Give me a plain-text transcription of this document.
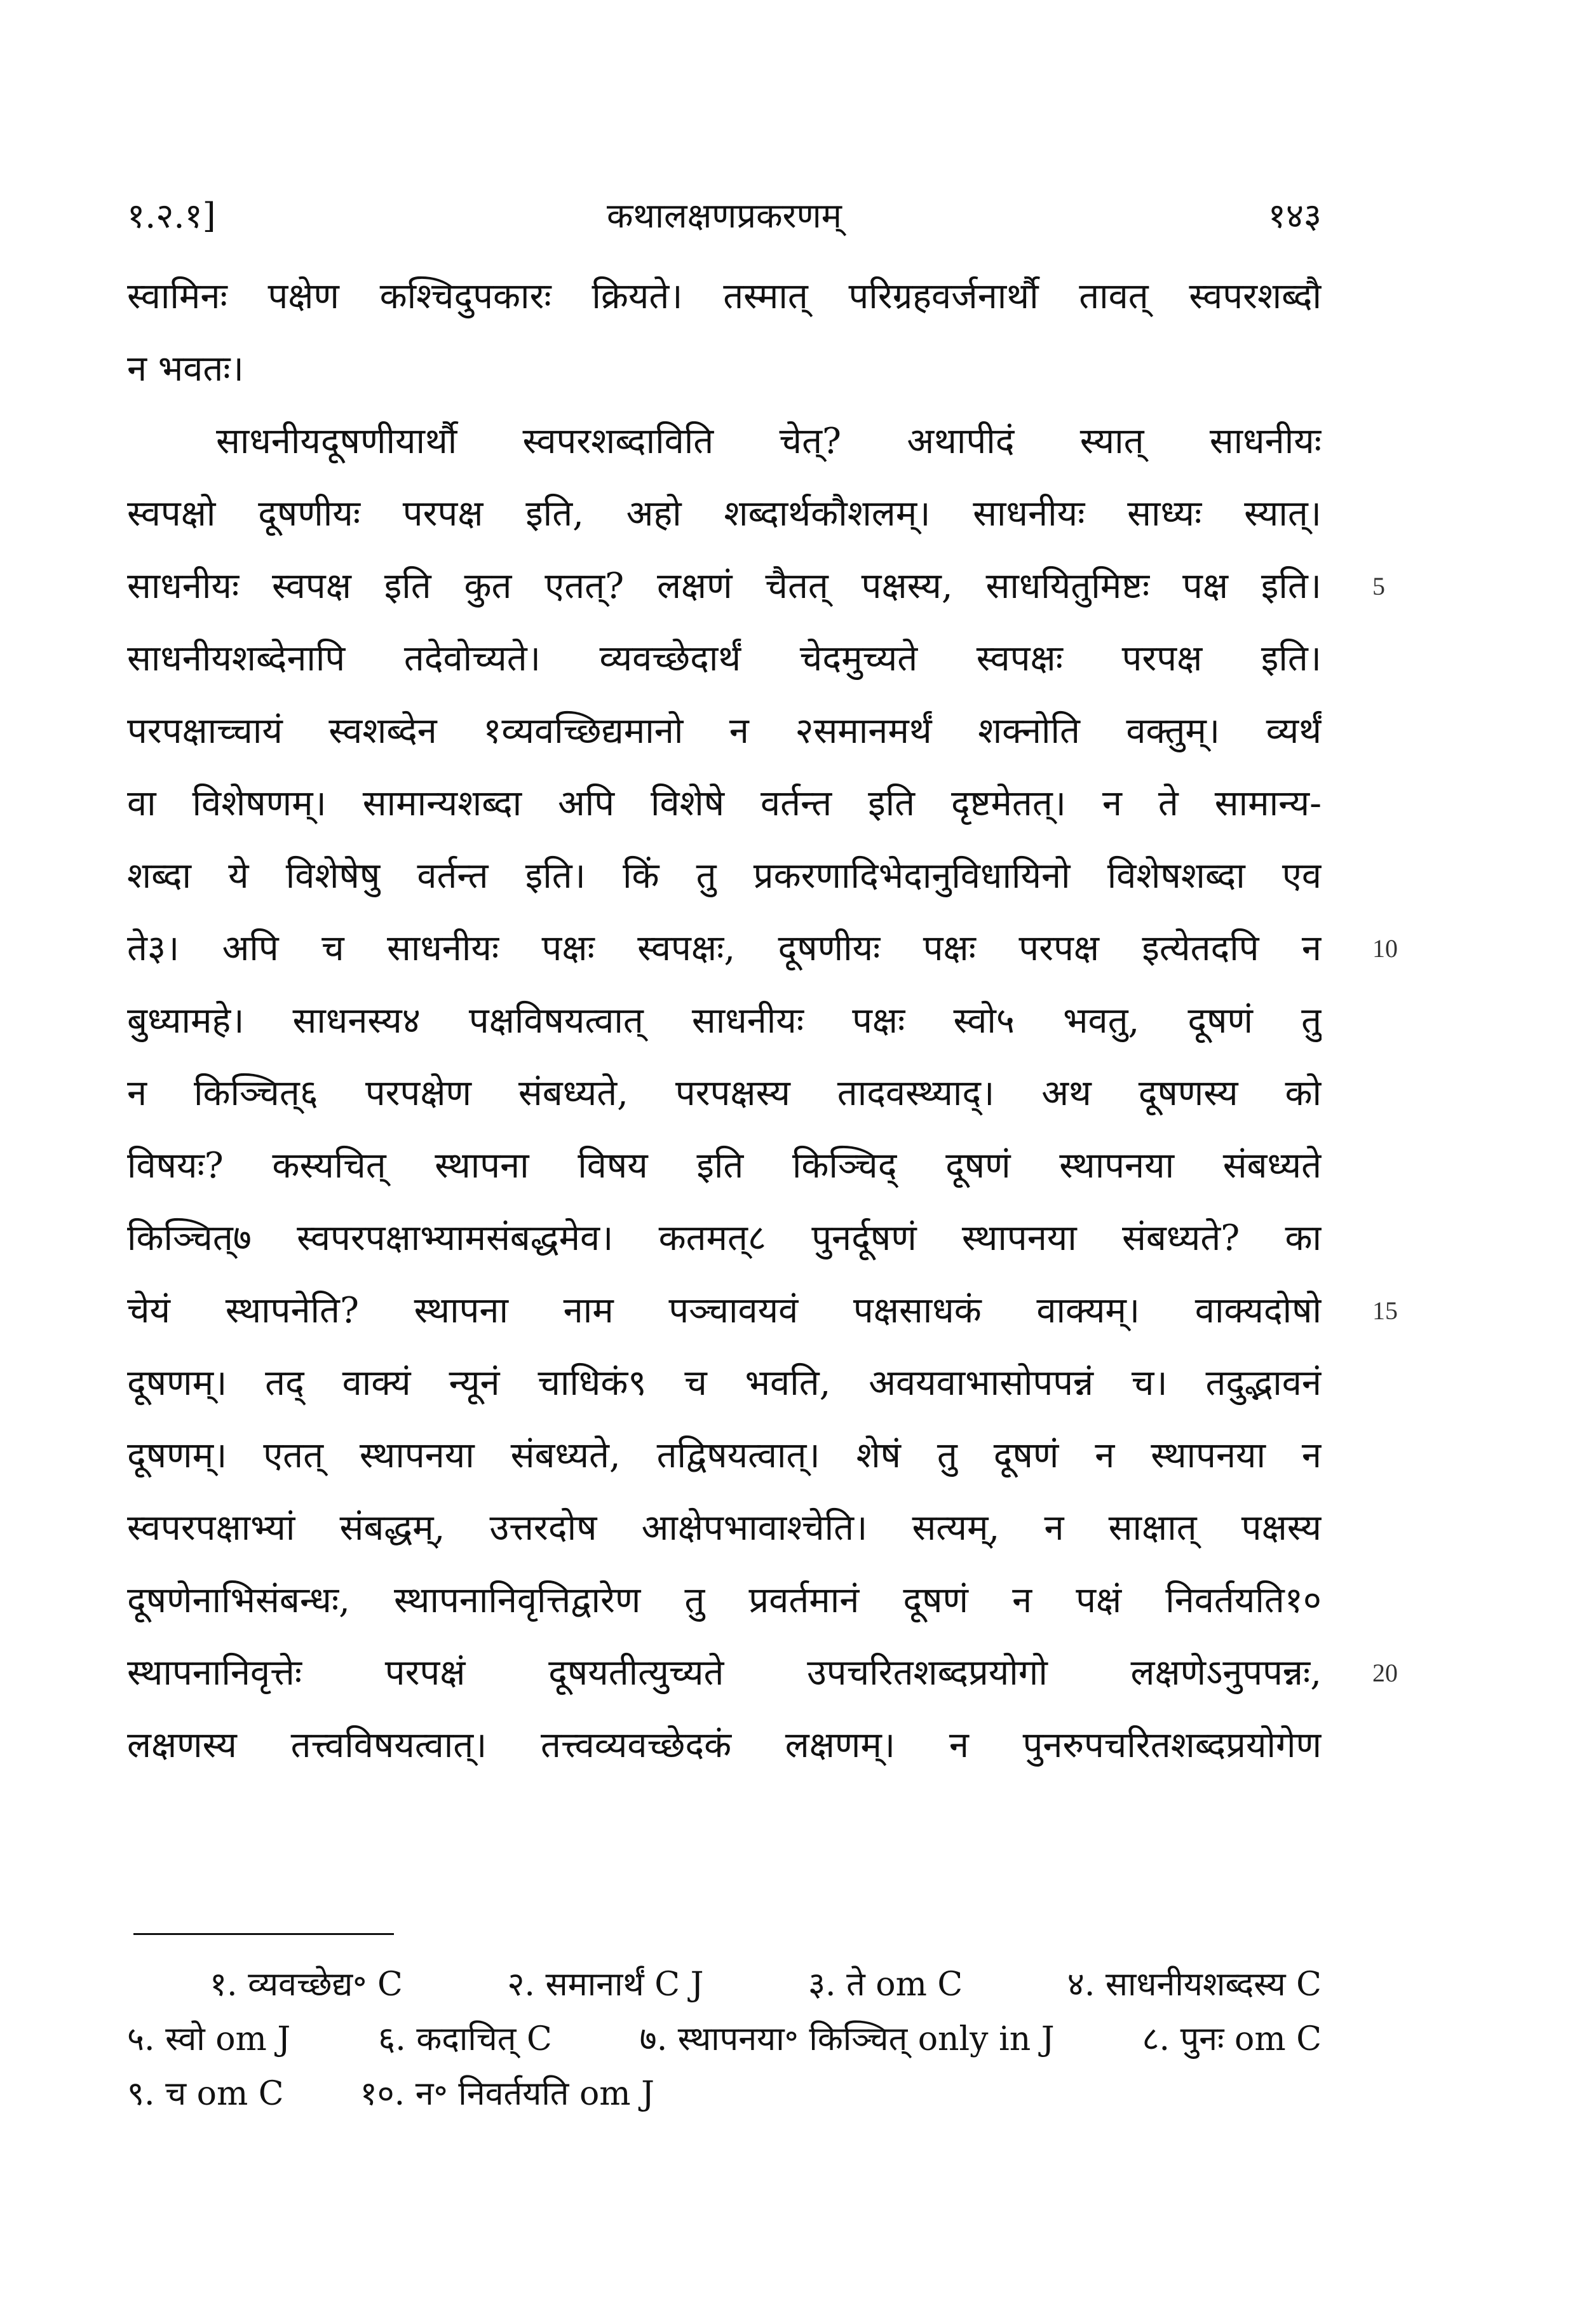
१.२.१]	कथालक्षणप्रकरणम्	१४३
स्वामिनः पक्षेण कश्चिदुपकारः क्रियते। तस्मात् परिग्रहवर्जनार्थौ तावत् स्वपरशब्दौ
न भवतः।
साधनीयदूषणीयार्थौ स्वपरशब्दाविति चेत्? अथापीदं स्यात् साधनीयः
स्वपक्षो दूषणीयः परपक्ष इति, अहो शब्दार्थकौशलम्। साधनीयः साध्यः स्यात्।
साधनीयः स्वपक्ष इति कुत एतत्? लक्षणं चैतत् पक्षस्य, साधयितुमिष्टः पक्ष इति।
साधनीयशब्देनापि तदेवोच्यते। व्यवच्छेदार्थं चेदमुच्यते स्वपक्षः परपक्ष इति।
परपक्षाच्चायं स्वशब्देन १व्यवच्छिद्यमानो न २समानमर्थं शक्नोति वक्तुम्। व्यर्थं
वा विशेषणम्। सामान्यशब्दा अपि विशेषे वर्तन्त इति दृष्टमेतत्। न ते सामान्य-
शब्दा ये विशेषेषु वर्तन्त इति। किं तु प्रकरणादिभेदानुविधायिनो विशेषशब्दा एव
ते३। अपि च साधनीयः पक्षः स्वपक्षः, दूषणीयः पक्षः परपक्ष इत्येतदपि न
बुध्यामहे। साधनस्य४ पक्षविषयत्वात् साधनीयः पक्षः स्वो५ भवतु, दूषणं तु
न किञ्चित्६ परपक्षेण संबध्यते, परपक्षस्य तादवस्थ्याद्। अथ दूषणस्य को
विषयः? कस्यचित् स्थापना विषय इति किञ्चिद् दूषणं स्थापनया संबध्यते
किञ्चित्७ स्वपरपक्षाभ्यामसंबद्धमेव। कतमत्८ पुनर्दूषणं स्थापनया संबध्यते? का
चेयं स्थापनेति? स्थापना नाम पञ्चावयवं पक्षसाधकं वाक्यम्। वाक्यदोषो
दूषणम्। तद् वाक्यं न्यूनं चाधिकं९ च भवति, अवयवाभासोपपन्नं च। तदुद्भावनं
दूषणम्। एतत् स्थापनया संबध्यते, तद्विषयत्वात्। शेषं तु दूषणं न स्थापनया न
स्वपरपक्षाभ्यां संबद्धम्, उत्तरदोष आक्षेपभावाश्चेति। सत्यम्, न साक्षात् पक्षस्य
दूषणेनाभिसंबन्धः, स्थापनानिवृत्तिद्वारेण तु प्रवर्तमानं दूषणं न पक्षं निवर्तयति१०
स्थापनानिवृत्तेः परपक्षं दूषयतीत्युच्यते उपचरितशब्दप्रयोगो लक्षणेऽनुपपन्नः,
लक्षणस्य तत्त्वविषयत्वात्। तत्त्वव्यवच्छेदकं लक्षणम्। न पुनरुपचरितशब्दप्रयोगेण
5
10
15
20
१. व्यवच्छेद्य॰ C	२. समानार्थं C J	३. ते om C	४. साधनीयशब्दस्य C
५. स्वो om J	६. कदाचित् C	७. स्थापनया॰ किञ्चित् only in J	८. पुनः om C
९. च om C १०. न॰ निवर्तयति om J
